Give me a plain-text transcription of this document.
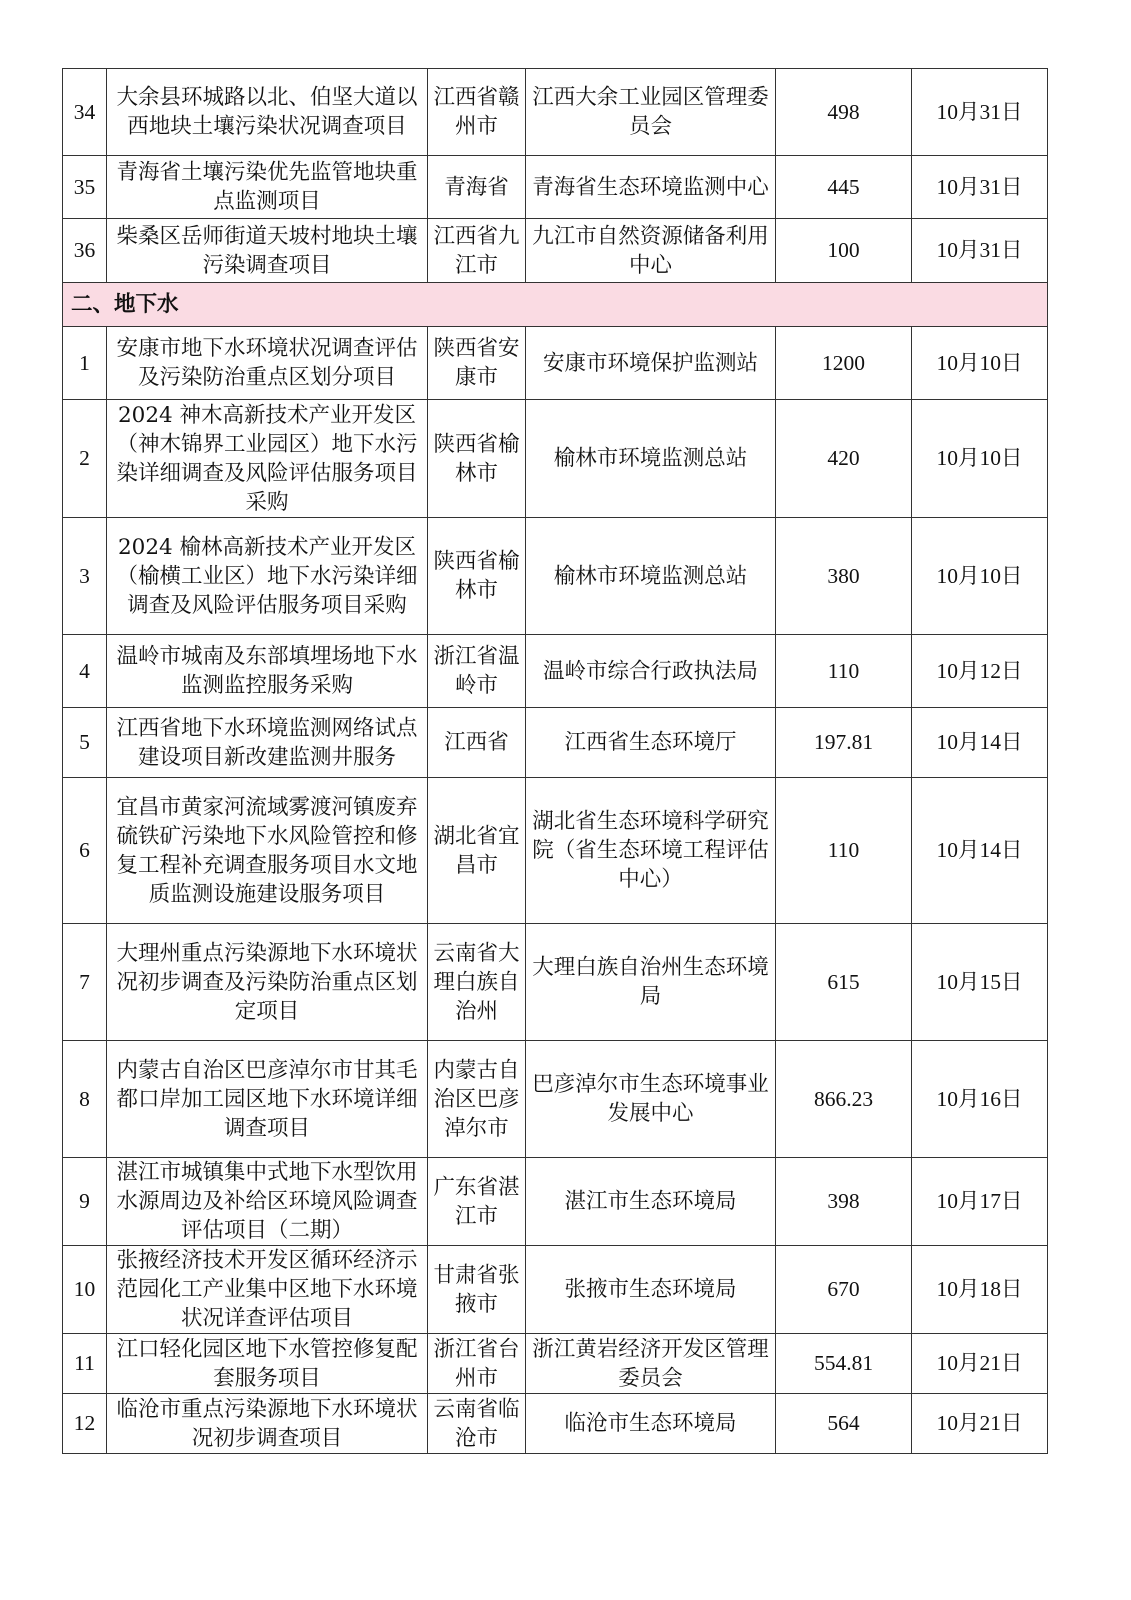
34	大余县环城路以北、伯坚大道以西地块土壤污染状况调查项目	江西省赣州市	江西大余工业园区管理委员会	498	10月31日
35	青海省土壤污染优先监管地块重点监测项目	青海省	青海省生态环境监测中心	445	10月31日
36	柴桑区岳师街道天坡村地块土壤污染调查项目	江西省九江市	九江市自然资源储备利用中心	100	10月31日
二、地下水					
1	安康市地下水环境状况调查评估及污染防治重点区划分项目	陕西省安康市	安康市环境保护监测站	1200	10月10日
2	2024 神木高新技术产业开发区（神木锦界工业园区）地下水污染详细调查及风险评估服务项目采购	陕西省榆林市	榆林市环境监测总站	420	10月10日
3	2024 榆林高新技术产业开发区（榆横工业区）地下水污染详细调查及风险评估服务项目采购	陕西省榆林市	榆林市环境监测总站	380	10月10日
4	温岭市城南及东部填埋场地下水监测监控服务采购	浙江省温岭市	温岭市综合行政执法局	110	10月12日
5	江西省地下水环境监测网络试点建设项目新改建监测井服务	江西省	江西省生态环境厅	197.81	10月14日
6	宜昌市黄家河流域雾渡河镇废弃硫铁矿污染地下水风险管控和修复工程补充调查服务项目水文地质监测设施建设服务项目	湖北省宜昌市	湖北省生态环境科学研究院（省生态环境工程评估中心）	110	10月14日
7	大理州重点污染源地下水环境状况初步调查及污染防治重点区划定项目	云南省大理白族自治州	大理白族自治州生态环境局	615	10月15日
8	内蒙古自治区巴彦淖尔市甘其毛都口岸加工园区地下水环境详细调查项目	内蒙古自治区巴彦淖尔市	巴彦淖尔市生态环境事业发展中心	866.23	10月16日
9	湛江市城镇集中式地下水型饮用水源周边及补给区环境风险调查评估项目（二期）	广东省湛江市	湛江市生态环境局	398	10月17日
10	张掖经济技术开发区循环经济示范园化工产业集中区地下水环境状况详查评估项目	甘肃省张掖市	张掖市生态环境局	670	10月18日
11	江口轻化园区地下水管控修复配套服务项目	浙江省台州市	浙江黄岩经济开发区管理委员会	554.81	10月21日
12	临沧市重点污染源地下水环境状况初步调查项目	云南省临沧市	临沧市生态环境局	564	10月21日
